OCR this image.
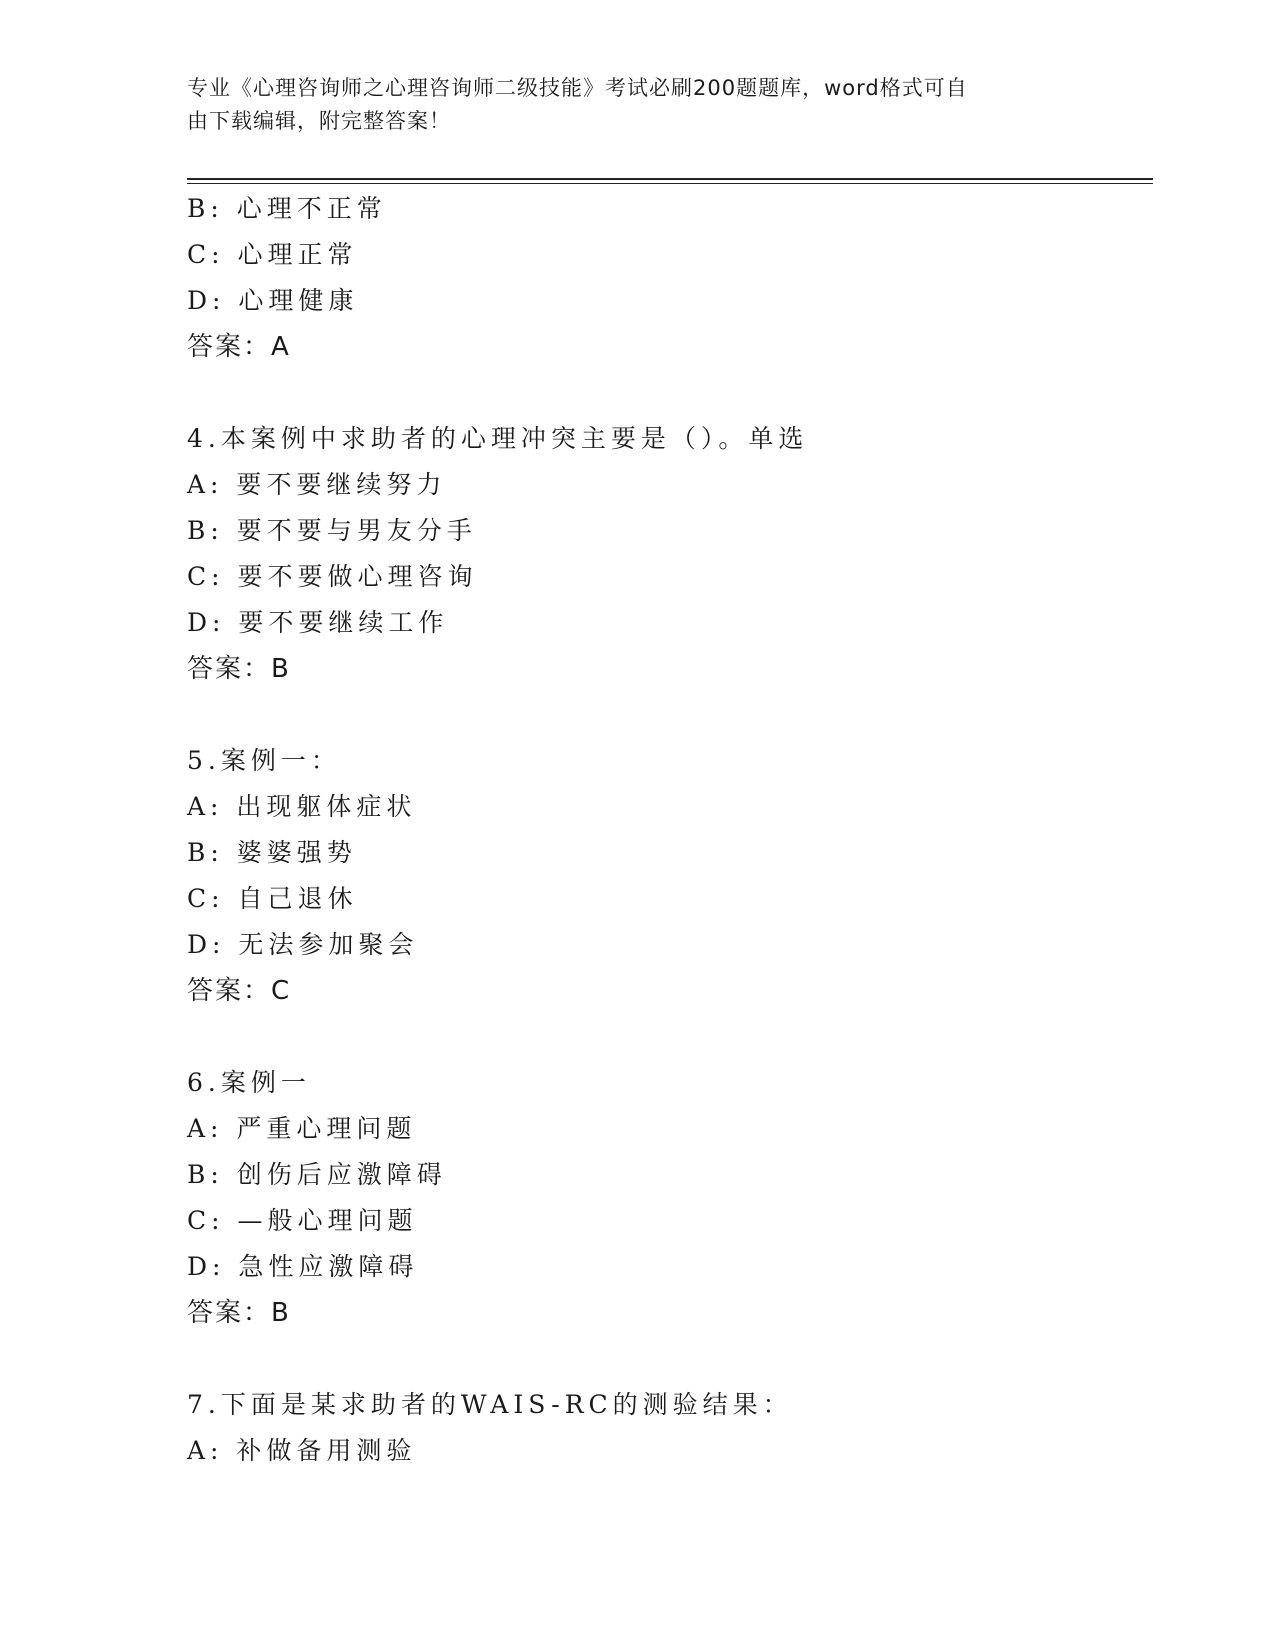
专业《心理咨询师之心理咨询师二级技能》考试必刷200题题库，word格式可自
由下载编辑，附完整答案！
B: 心理不正常
C: 心理正常
D: 心理健康
答案：A
4.本案例中求助者的心理冲突主要是（）。单选
A: 要不要继续努力
B: 要不要与男友分手
C: 要不要做心理咨询
D: 要不要继续工作
答案：B
5.案例一：
A: 出现躯体症状
B: 婆婆强势
C: 自己退休
D: 无法参加聚会
答案：C
6.案例一
A: 严重心理问题
B: 创伤后应激障碍
C: —般心理问题
D: 急性应激障碍
答案：B
7.下面是某求助者的WAIS-RC的测验结果：
A: 补做备用测验
